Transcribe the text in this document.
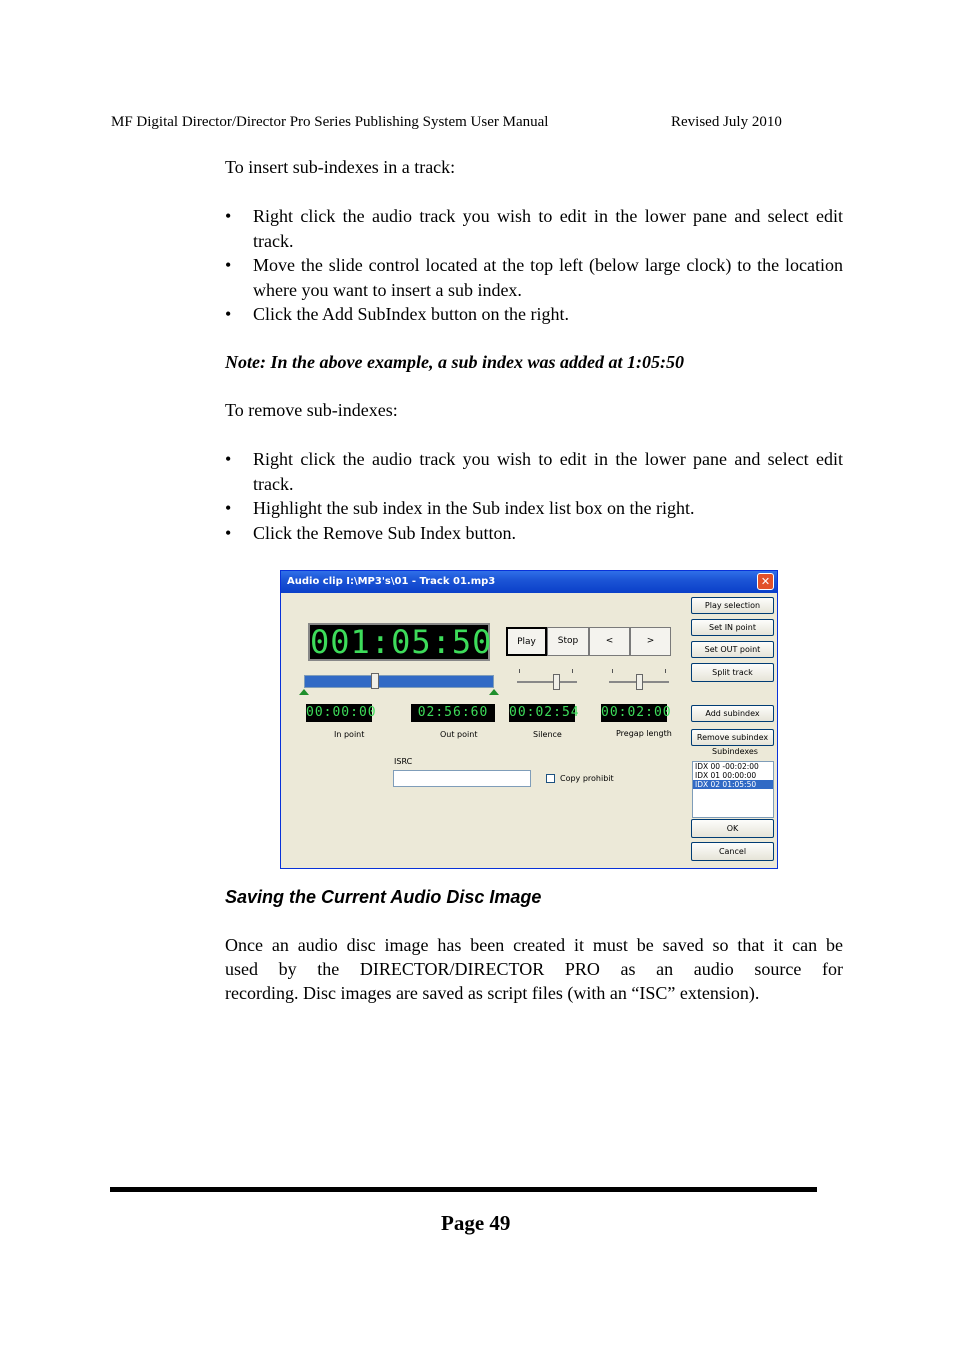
MF Digital Director/Director Pro Series Publishing System User Manual	Revised July 2010
To insert sub-indexes in a track:
• Right click the audio track you wish to edit in the lower pane and select edit track.
• Move the slide control located at the top left (below large clock) to the location where you want to insert a sub index.
• Click the Add SubIndex button on the right.
Note: In the above example, a sub index was added at 1:05:50
To remove sub-indexes:
• Right click the audio track you wish to edit in the lower pane and select edit track.
• Highlight the sub index in the Sub index list box on the right.
• Click the Remove Sub Index button.
Audio clip I:\MP3's\01 - Track 01.mp3	✕
001:05:50	Play	Stop	<	>
00:00:00	02:56:60	00:02:54 00:02:00
In point	Out point	Silence	Pregap length
ISRC
Copy prohibit
Play selection
Set IN point
Set OUT point
Split track
Add subindex
Remove subindex
Subindexes
IDX 00 -00:02:00
IDX 01 00:00:00
IDX 02 01:05:50
OK
Cancel
Saving the Current Audio Disc Image
Once an audio disc image has been created it must be saved so that it can be
used by the DIRECTOR/DIRECTOR PRO as an audio source for
recording. Disc images are saved as script files (with an “ISC” extension).
Page 49
